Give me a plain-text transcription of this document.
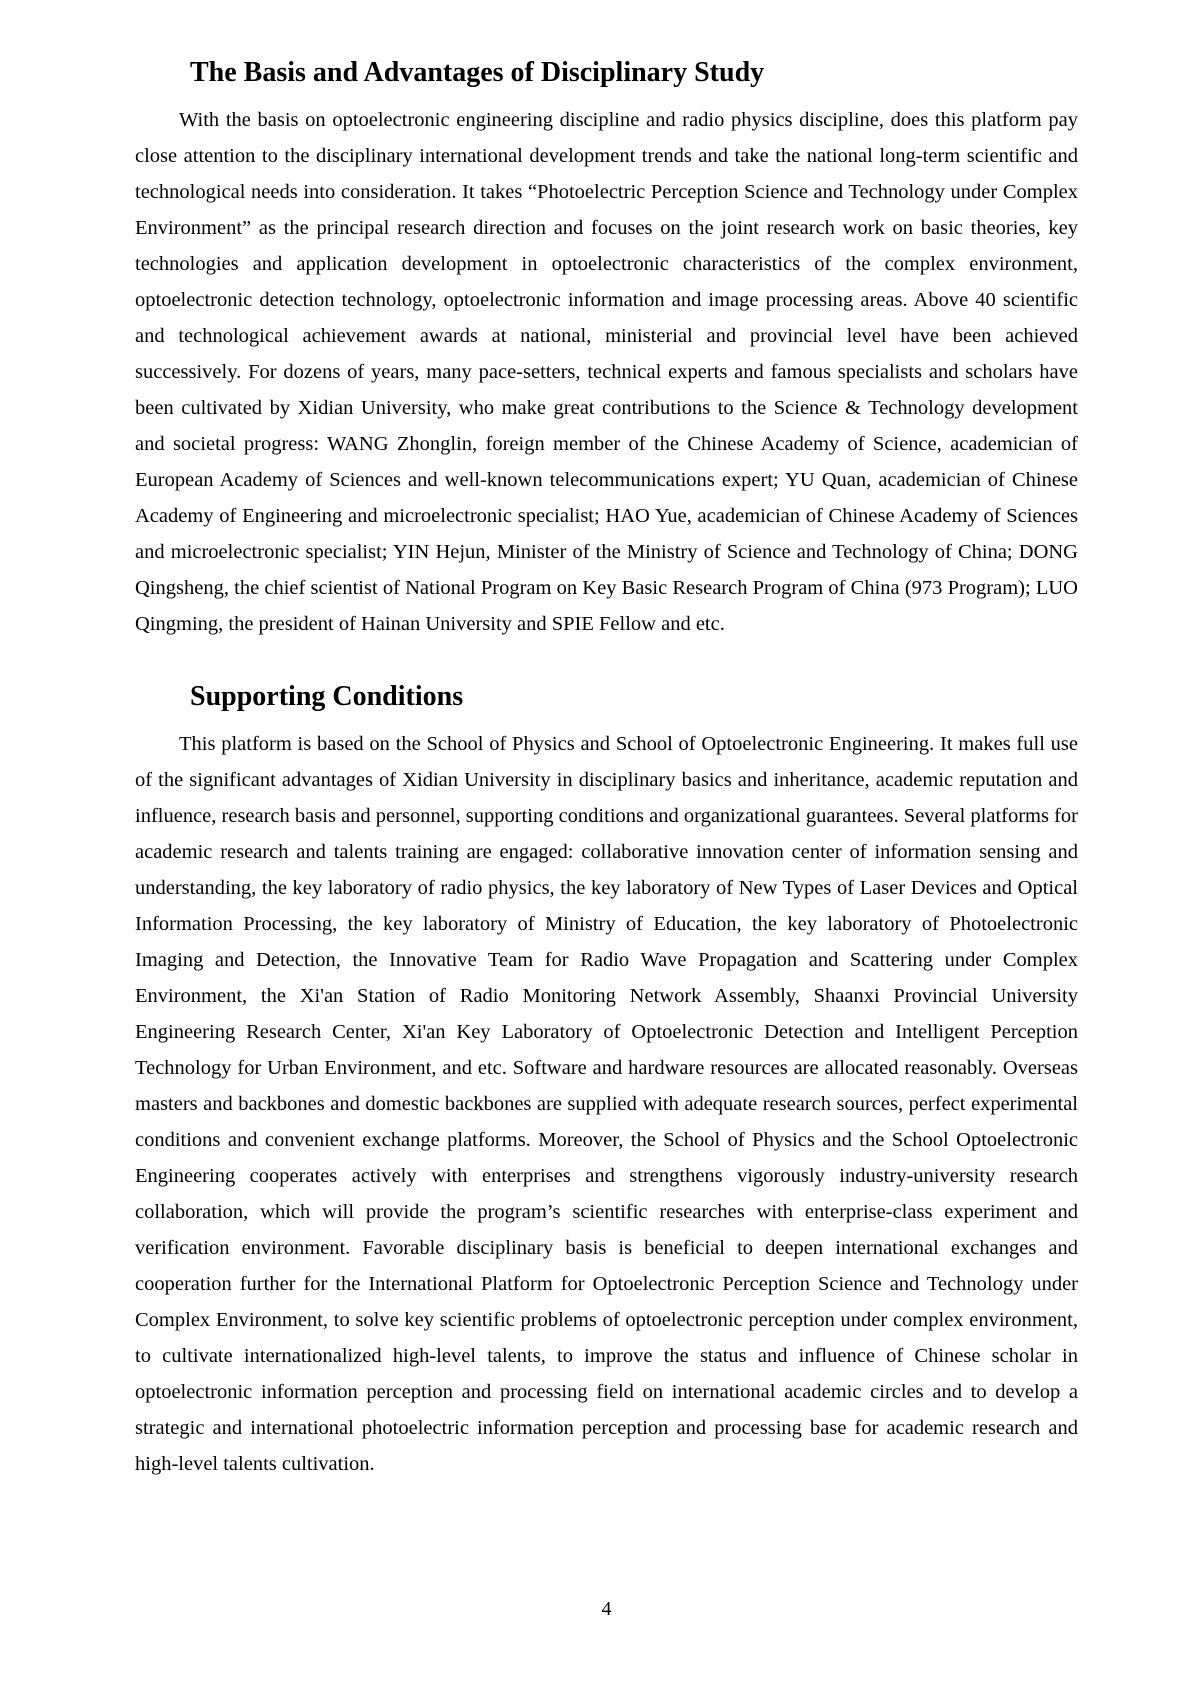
The Basis and Advantages of Disciplinary Study

With the basis on optoelectronic engineering discipline and radio physics discipline, does this platform pay close attention to the disciplinary international development trends and take the national long-term scientific and technological needs into consideration. It takes “Photoelectric Perception Science and Technology under Complex Environment” as the principal research direction and focuses on the joint research work on basic theories, key technologies and application development in optoelectronic characteristics of the complex environment, optoelectronic detection technology, optoelectronic information and image processing areas. Above 40 scientific and technological achievement awards at national, ministerial and provincial level have been achieved successively. For dozens of years, many pace-setters, technical experts and famous specialists and scholars have been cultivated by Xidian University, who make great contributions to the Science & Technology development and societal progress: WANG Zhonglin, foreign member of the Chinese Academy of Science, academician of European Academy of Sciences and well-known telecommunications expert; YU Quan, academician of Chinese Academy of Engineering and microelectronic specialist; HAO Yue, academician of Chinese Academy of Sciences and microelectronic specialist; YIN Hejun, Minister of the Ministry of Science and Technology of China; DONG Qingsheng, the chief scientist of National Program on Key Basic Research Program of China (973 Program); LUO Qingming, the president of Hainan University and SPIE Fellow and etc.

Supporting Conditions

This platform is based on the School of Physics and School of Optoelectronic Engineering. It makes full use of the significant advantages of Xidian University in disciplinary basics and inheritance, academic reputation and influence, research basis and personnel, supporting conditions and organizational guarantees. Several platforms for academic research and talents training are engaged: collaborative innovation center of information sensing and understanding, the key laboratory of radio physics, the key laboratory of New Types of Laser Devices and Optical Information Processing, the key laboratory of Ministry of Education, the key laboratory of Photoelectronic Imaging and Detection, the Innovative Team for Radio Wave Propagation and Scattering under Complex Environment, the Xi'an Station of Radio Monitoring Network Assembly, Shaanxi Provincial University Engineering Research Center, Xi'an Key Laboratory of Optoelectronic Detection and Intelligent Perception Technology for Urban Environment, and etc. Software and hardware resources are allocated reasonably. Overseas masters and backbones and domestic backbones are supplied with adequate research sources, perfect experimental conditions and convenient exchange platforms. Moreover, the School of Physics and the School Optoelectronic Engineering cooperates actively with enterprises and strengthens vigorously industry-university research collaboration, which will provide the program’s scientific researches with enterprise-class experiment and verification environment. Favorable disciplinary basis is beneficial to deepen international exchanges and cooperation further for the International Platform for Optoelectronic Perception Science and Technology under Complex Environment, to solve key scientific problems of optoelectronic perception under complex environment, to cultivate internationalized high-level talents, to improve the status and influence of Chinese scholar in optoelectronic information perception and processing field on international academic circles and to develop a strategic and international photoelectric information perception and processing base for academic research and high-level talents cultivation.

4
